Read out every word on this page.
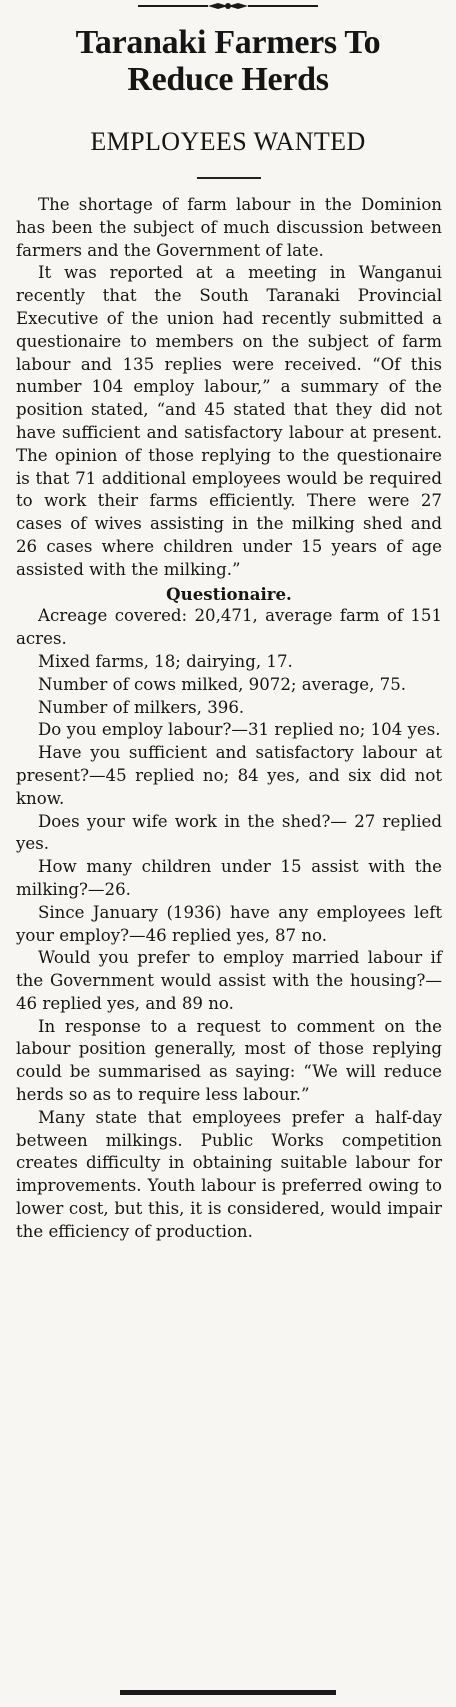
Taranaki Farmers To Reduce Herds
EMPLOYEES WANTED

The shortage of farm labour in the Dominion has been the subject of much discussion between farmers and the Government of late.

It was reported at a meeting in Wanganui recently that the South Taranaki Provincial Executive of the union had recently submitted a questionaire to members on the subject of farm labour and 135 replies were received. “Of this number 104 employ labour,” a summary of the position stated, “and 45 stated that they did not have sufficient and satisfactory labour at present. The opinion of those replying to the questionaire is that 71 additional employees would be required to work their farms efficiently. There were 27 cases of wives assisting in the milking shed and 26 cases where children under 15 years of age assisted with the milking.”

Questionaire.

Acreage covered: 20,471, average farm of 151 acres.

Mixed farms, 18; dairying, 17.

Number of cows milked, 9072; average, 75.

Number of milkers, 396.

Do you employ labour?—31 replied no; 104 yes.

Have you sufficient and satisfactory labour at present?—45 replied no; 84 yes, and six did not know.

Does your wife work in the shed?— 27 replied yes.

How many children under 15 assist with the milking?—26.

Since January (1936) have any employees left your employ?—46 replied yes, 87 no.

Would you prefer to employ married labour if the Government would assist with the housing?—46 replied yes, and 89 no.

In response to a request to comment on the labour position generally, most of those replying could be summarised as saying: “We will reduce herds so as to require less labour.”

Many state that employees prefer a half-day between milkings. Public Works competition creates difficulty in obtaining suitable labour for improvements. Youth labour is preferred owing to lower cost, but this, it is considered, would impair the efficiency of production.
